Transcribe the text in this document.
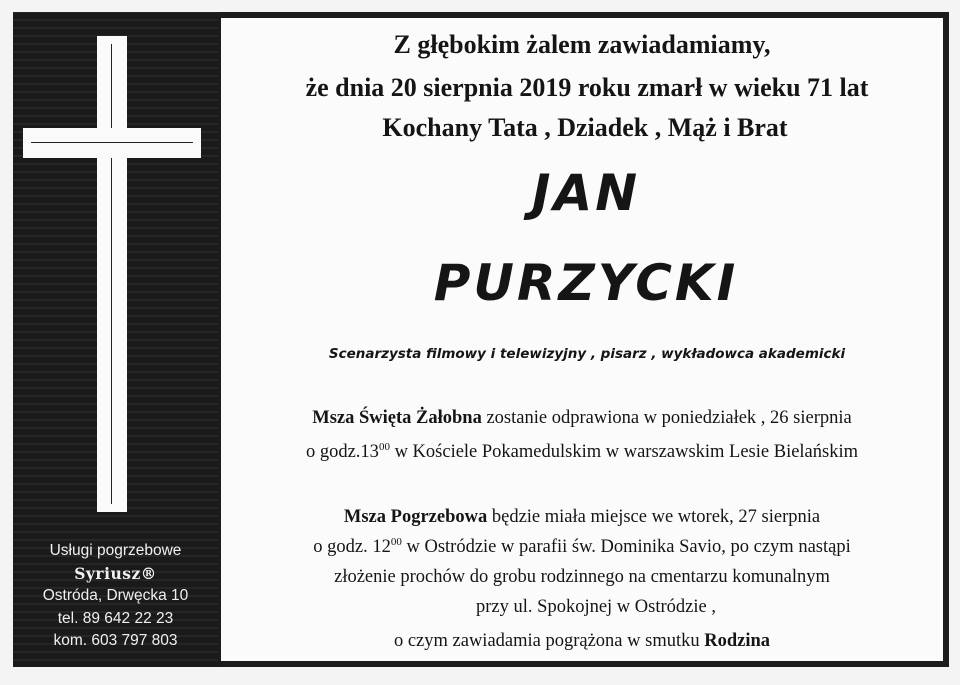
Usługi pogrzebowe
Syriusz®
Ostróda, Drwęcka 10
tel. 89 642 22 23
kom. 603 797 803
Z głębokim żalem zawiadamiamy,
że dnia 20 sierpnia 2019 roku zmarł w wieku 71 lat
Kochany Tata , Dziadek , Mąż i Brat
JAN
PURZYCKI
Scenarzysta filmowy i telewizyjny , pisarz , wykładowca akademicki
Msza Święta Żałobna zostanie odprawiona w poniedziałek , 26 sierpnia
o $godz.13^{00}$ w Kościele Pokamedulskim w warszawskim Lesie Bielańskim
Msza Pogrzebowa będzie miała miejsce we wtorek, 27 sierpnia
o godz. $12^{00}$ w Ostródzie w parafii św. Dominika Savio, po czym nastąpi
złożenie prochów do grobu rodzinnego na cmentarzu komunalnym
przy ul. Spokojnej w Ostródzie ,
o czym zawiadamia pogrążona w smutku Rodzina
